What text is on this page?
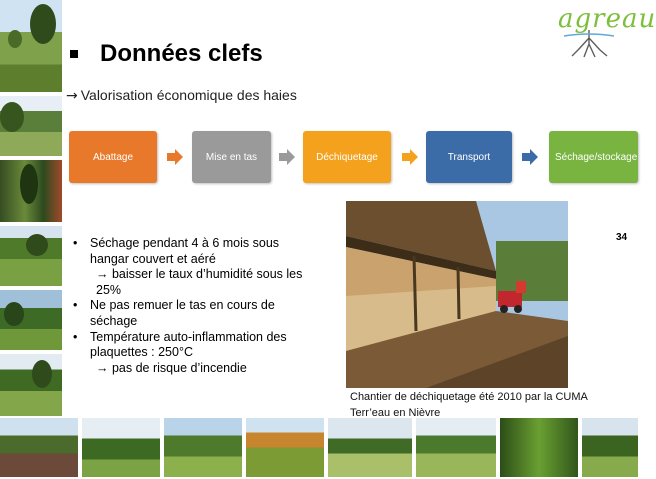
agreau
Données clefs
→ Valorisation économique des haies
Abattage	Mise en tas	Déchiquetage	Transport	Séchage/stockage
• Séchage pendant 4 à 6 mois sous hangar couvert et aéré
→ baisser le taux d’humidité sous les 25%
• Ne pas remuer le tas en cours de séchage
• Température auto-inflammation des plaquettes : 250°C
→ pas de risque d’incendie
Chantier de déchiquetage été 2010 par la CUMA Terr’eau en Nièvre
34
